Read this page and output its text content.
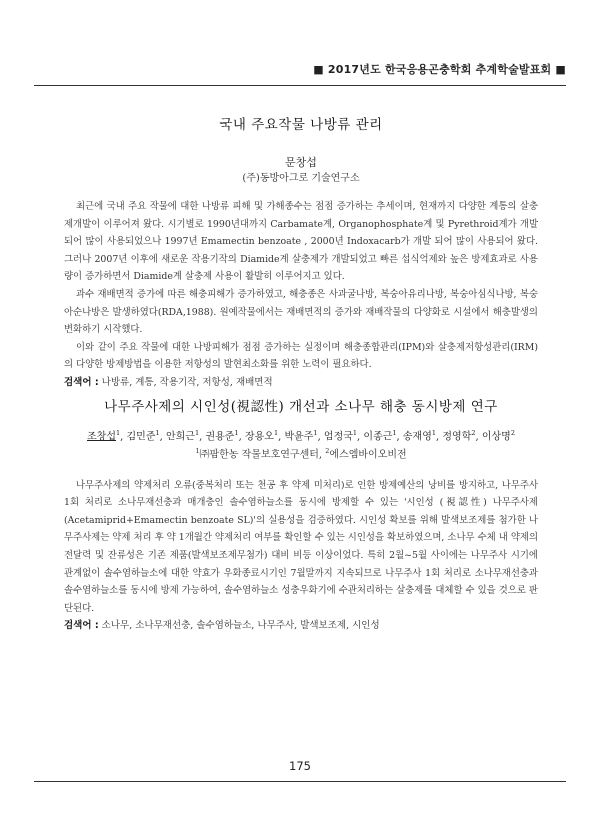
■ 2017년도 한국응용곤충학회 추계학술발표회 ■
국내 주요작물 나방류 관리
문창섭
(주)동방아그로 기술연구소

최근에 국내 주요 작물에 대한 나방류 피해 및 가해종수는 점점 증가하는 추세이며, 현재까지 다양한 계통의 살충제개발이 이루어져 왔다. 시기별로 1990년대까지 Carbamate계, Organophosphate계 및 Pyrethroid계가 개발되어 많이 사용되었으나 1997년 Emamectin benzoate , 2000년 Indoxacarb가 개발 되어 많이 사용되어 왔다. 그러나 2007년 이후에 새로운 작용기작의 Diamide계 살충제가 개발되었고 빠른 섭식억제와 높은 방제효과로 사용량이 증가하면서 Diamide계 살충제 사용이 활발히 이루어지고 있다.

과수 재배면적 증가에 따른 해충피해가 증가하였고, 해충종은 사과굴나방, 복숭아유리나방, 복숭아심식나방, 복숭아순나방은 발생하였다(RDA,1988). 원예작물에서는 재배면적의 증가와 재배작물의 다양화로 시설에서 해충발생의 변화하기 시작했다.

이와 같이 주요 작물에 대한 나방피해가 점점 증가하는 실정이며 해충종합관리(IPM)와 살충제저항성관리(IRM)의 다양한 방제방법을 이용한 저항성의 발현최소화를 위한 노력이 필요하다.

검색어 : 나방류, 계통, 작용기작, 저항성, 재배면적
나무주사제의 시인성(視認性) 개선과 소나무 해충 동시방제 연구
조창섭$^1$, 김민준$^1$, 안희근$^1$, 권용준$^1$, 장용오$^1$, 박윤주$^1$, 엄정국$^1$, 이종근$^1$, 송재영$^1$, 정영학$^2$, 이상명$^2$
$^1$㈜팜한농 작물보호연구센터, $^2$에스엠바이오비전

나무주사제의 약제처리 오류(중복처리 또는 천공 후 약제 미처리)로 인한 방제예산의 낭비를 방지하고, 나무주사 1회 처리로 소나무재선충과 매개충인 솔수염하늘소를 동시에 방제할 수 있는 '시인성 (視認性) 나무주사제 (Acetamiprid+Emamectin benzoate SL)'의 실용성을 검증하였다. 시인성 확보를 위해 발색보조제를 첨가한 나무주사제는 약제 처리 후 약 1개월간 약제처리 여부를 확인할 수 있는 시인성을 확보하였으며, 소나무 수체 내 약제의 전달력 및 잔류성은 기존 제품(발색보조제무첨가) 대비 비등 이상이었다. 특히 2월~5월 사이에는 나무주사 시기에 관계없이 솔수염하늘소에 대한 약효가 우화종료시기인 7월말까지 지속되므로 나무주사 1회 처리로 소나무재선충과 솔수염하늘소를 동시에 방제 가능하여, 솔수염하늘소 성충우화기에 수관처리하는 살충제를 대체할 수 있을 것으로 판단된다.

검색어 : 소나무, 소나무재선충, 솔수염하늘소, 나무주사, 발색보조제, 시인성
175
